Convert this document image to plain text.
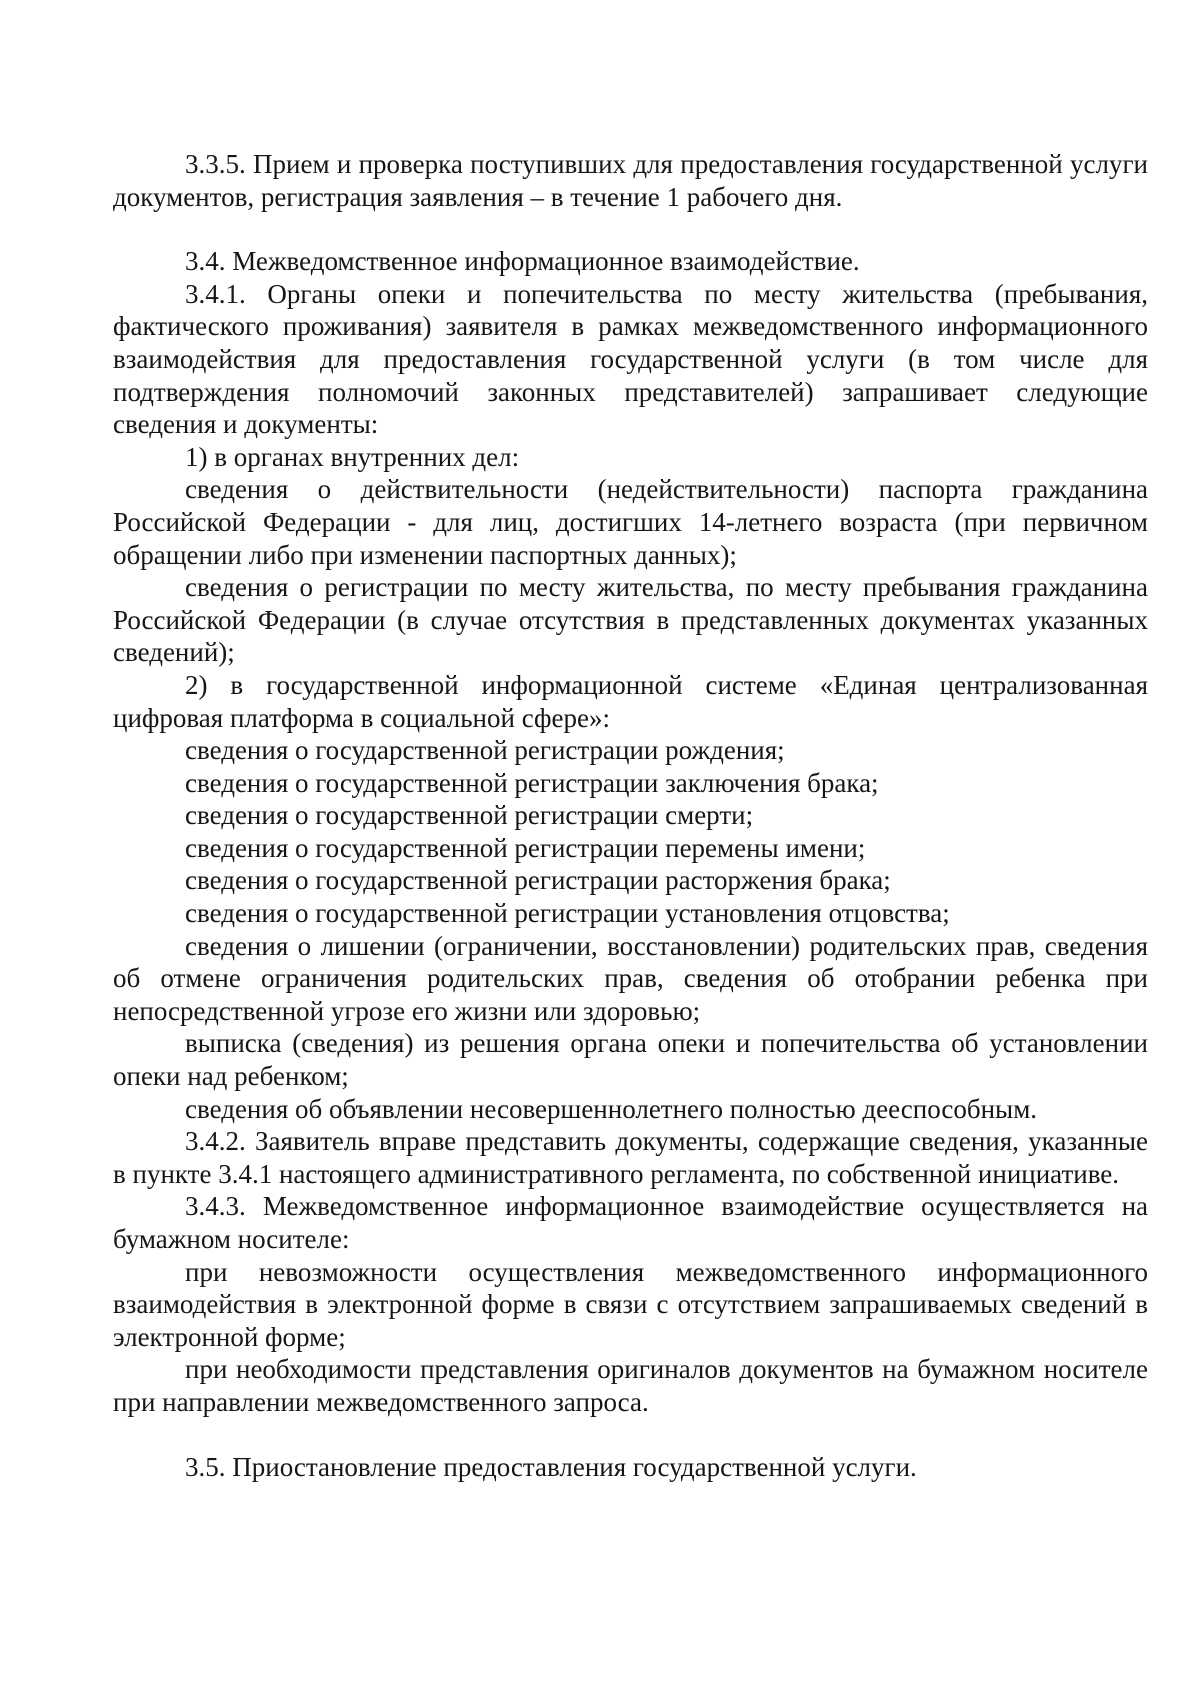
3.3.5. Прием и проверка поступивших для предоставления государственной услуги документов, регистрация заявления – в течение 1 рабочего дня.

3.4. Межведомственное информационное взаимодействие.

3.4.1. Органы опеки и попечительства по месту жительства (пребывания, фактического проживания) заявителя в рамках межведомственного информационного взаимодействия для предоставления государственной услуги (в том числе для подтверждения полномочий законных представителей) запрашивает следующие сведения и документы:

1) в органах внутренних дел:

сведения о действительности (недействительности) паспорта гражданина Российской Федерации - для лиц, достигших 14-летнего возраста (при первичном обращении либо при изменении паспортных данных);

сведения о регистрации по месту жительства, по месту пребывания гражданина Российской Федерации (в случае отсутствия в представленных документах указанных сведений);

2) в государственной информационной системе «Единая централизованная цифровая платформа в социальной сфере»:

сведения о государственной регистрации рождения;

сведения о государственной регистрации заключения брака;

сведения о государственной регистрации смерти;

сведения о государственной регистрации перемены имени;

сведения о государственной регистрации расторжения брака;

сведения о государственной регистрации установления отцовства;

сведения о лишении (ограничении, восстановлении) родительских прав, сведения об отмене ограничения родительских прав, сведения об отобрании ребенка при непосредственной угрозе его жизни или здоровью;

выписка (сведения) из решения органа опеки и попечительства об установлении опеки над ребенком;

сведения об объявлении несовершеннолетнего полностью дееспособным.

3.4.2. Заявитель вправе представить документы, содержащие сведения, указанные в пункте 3.4.1 настоящего административного регламента, по собственной инициативе.

3.4.3. Межведомственное информационное взаимодействие осуществляется на бумажном носителе:

при невозможности осуществления межведомственного информационного взаимодействия в электронной форме в связи с отсутствием запрашиваемых сведений в электронной форме;

при необходимости представления оригиналов документов на бумажном носителе при направлении межведомственного запроса.

3.5. Приостановление предоставления государственной услуги.
